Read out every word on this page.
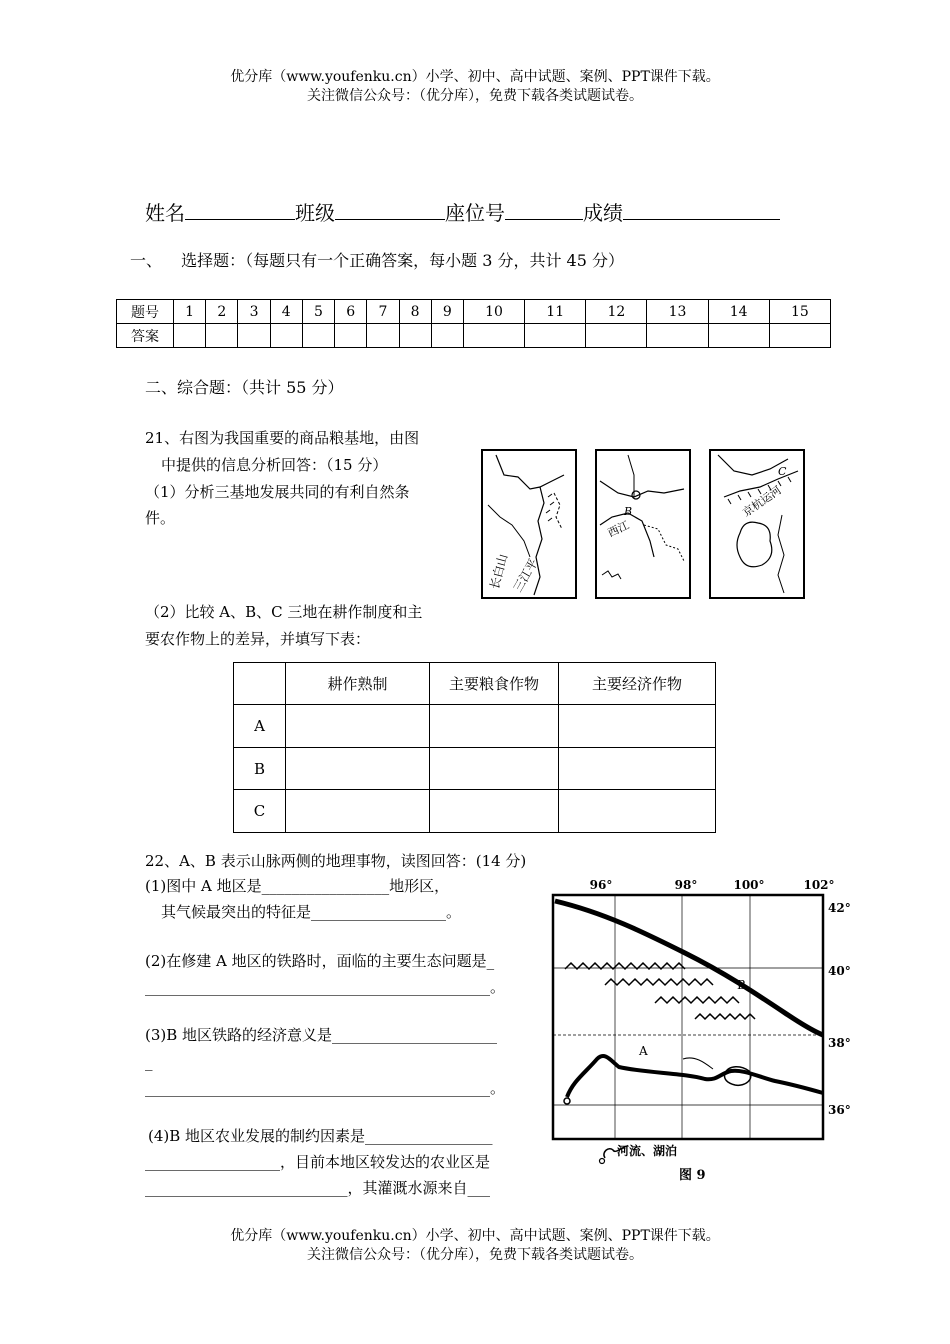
优分库（www.youfenku.cn）小学、初中、高中试题、案例、PPT课件下载。
关注微信公众号：（优分库），免费下载各类试题试卷。
姓名	班级	座位号	成绩
一、 选择题：（每题只有一个正确答案，每小题 3 分，共计 45 分）
题号	1	2	3	4	5	6	7	8	9	10	11	12	13	14	15
答案															
二、综合题：（共计 55 分）
21、右图为我国重要的商品粮基地，由图
中提供的信息分析回答：（15 分）
（1）分析三基地发展共同的有利自然条
件。
（2）比较 A、B、C 三地在耕作制度和主
要农作物上的差异，并填写下表：
长白山 三江平
B
西江
C
京杭运河
	耕作熟制	主要粮食作物	主要经济作物
A			
B			
C			
22、A、B 表示山脉两侧的地理事物，读图回答：(14 分)
(1)图中 A 地区是_________________地形区，
其气候最突出的特征是__________________。
(2)在修建 A 地区的铁路时，面临的主要生态问题是_
______________________________________________。
(3)B 地区铁路的经济意义是______________________
_
______________________________________________。
(4)B 地区农业发展的制约因素是_________________
__________________，目前本地区较发达的农业区是
___________________________，其灌溉水源来自___
96°	98°	100°	102°
42°
40°
38°
36°
B
A
河流、湖泊
图 9
优分库（www.youfenku.cn）小学、初中、高中试题、案例、PPT课件下载。
关注微信公众号：（优分库），免费下载各类试题试卷。
